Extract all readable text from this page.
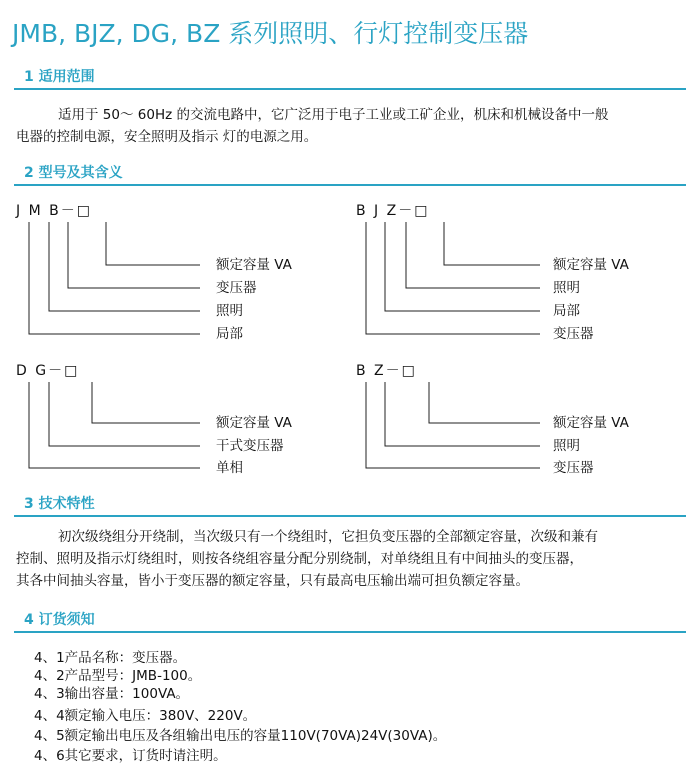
JMB, BJZ, DG, BZ 系列照明、行灯控制变压器
1 适用范围
适用于 50～ 60Hz 的交流电路中，它广泛用于电子工业或工矿企业，机床和机械设备中一般
电器的控制电源，安全照明及指示 灯的电源之用。
2 型号及其含义
J M B－□	B J Z－□
D G－□	B Z－□
额定容量 VA
变压器
照明
局部
额定容量 VA
照明
局部
变压器
额定容量 VA
干式变压器
单相
额定容量 VA
照明
变压器
3 技术特性
初次级绕组分开绕制，当次级只有一个绕组时，它担负变压器的全部额定容量，次级和兼有
控制、照明及指示灯绕组时，则按各绕组容量分配分别绕制，对单绕组且有中间抽头的变压器，
其各中间抽头容量，皆小于变压器的额定容量，只有最高电压输出端可担负额定容量。
4 订货须知
4、1产品名称：变压器。
4、2产品型号：JMB-100。
4、3输出容量：100VA。
4、4额定输入电压：380V、220V。
4、5额定输出电压及各组输出电压的容量110V(70VA)24V(30VA)。
4、6其它要求，订货时请注明。
